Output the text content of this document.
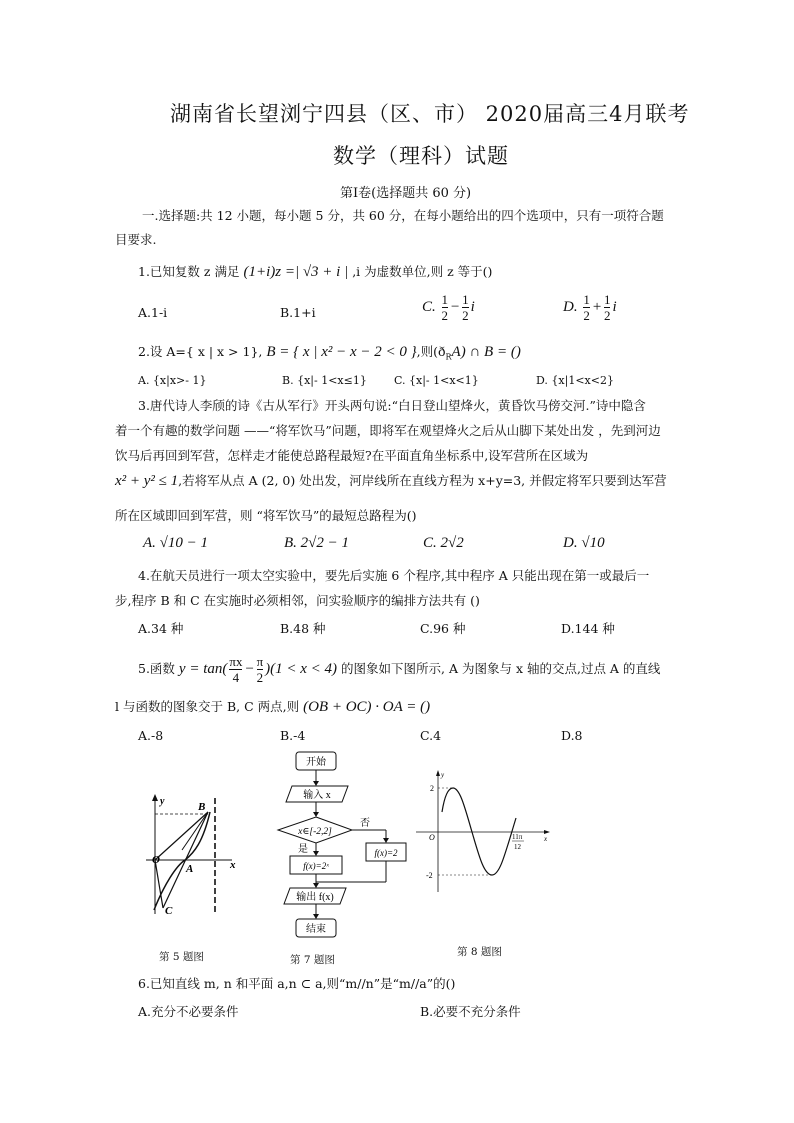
湖南省长望浏宁四县（区、市） 2020届高三4月联考
数学（理科）试题
第I卷(选择题共 60 分)
一.选择题:共 12 小题，每小题 5 分，共 60 分，在每小题给出的四个选项中，只有一项符合题
目要求.
1.已知复数 z 满足 (1+i)z =| √3 + i | ,i 为虚数单位,则 z 等于()
A.1-i	B.1+i	C. $\frac{1}{2} - \frac{1}{2}$ i	D. $\frac{1}{2} + \frac{1}{2}$ i
2.设 A={ x | x > 1}, B = { x | x² − x − 2 < 0 },则$(ð_RA)$ ∩ B = ()
A. {x|x>- 1}	B. {x|- 1<x≤1} C. {x|- 1<x<1}	D. {x|1<x<2}
3.唐代诗人李颀的诗《古从军行》开头两句说:“白日登山望烽火，黄昏饮马傍交河.”诗中隐含
着一个有趣的数学问题 ——“将军饮马”问题，即将军在观望烽火之后从山脚下某处出发 ，先到河边
饮马后再回到军营，怎样走才能使总路程最短?在平面直角坐标系中,设军营所在区域为
x² + y² ≤ 1,若将军从点 A (2, 0) 处出发，河岸线所在直线方程为 x+y=3, 并假定将军只要到达军营
所在区域即回到军营，则 “将军饮马”的最短总路程为()
A. √10 − 1	B. 2√2 − 1	C. 2√2	D. √10
4.在航天员进行一项太空实验中，要先后实施 6 个程序,其中程序 A 只能出现在第一或最后一
步,程序 B 和 C 在实施时必须相邻，问实验顺序的编排方法共有 ()
A.34 种	B.48 种	C.96 种	D.144 种
5.函数 $y = \tan( \frac{\pi x}{4} - \frac{\pi}{2} )(1 < x < 4)$ 的图象如下图所示, A 为图象与 x 轴的交点,过点 A 的直线
l 与函数的图象交于 B, C 两点,则 (OB + OC) · OA = ()
A.-8	B.-4	C.4	D.8
y
x
O
A
B
C
第 5 题图
开始
输入 x
x∈[-2,2]
否
f(x)=2
是
f(x)=2ˣ
输出 f(x)
结束
第 7 题图
y
2
-2
O	x
11π
12
第 8 题图
6.已知直线 m, n 和平面 a,n ⊂ a,则“m//n”是“m//a”的()
A.充分不必要条件	B.必要不充分条件
